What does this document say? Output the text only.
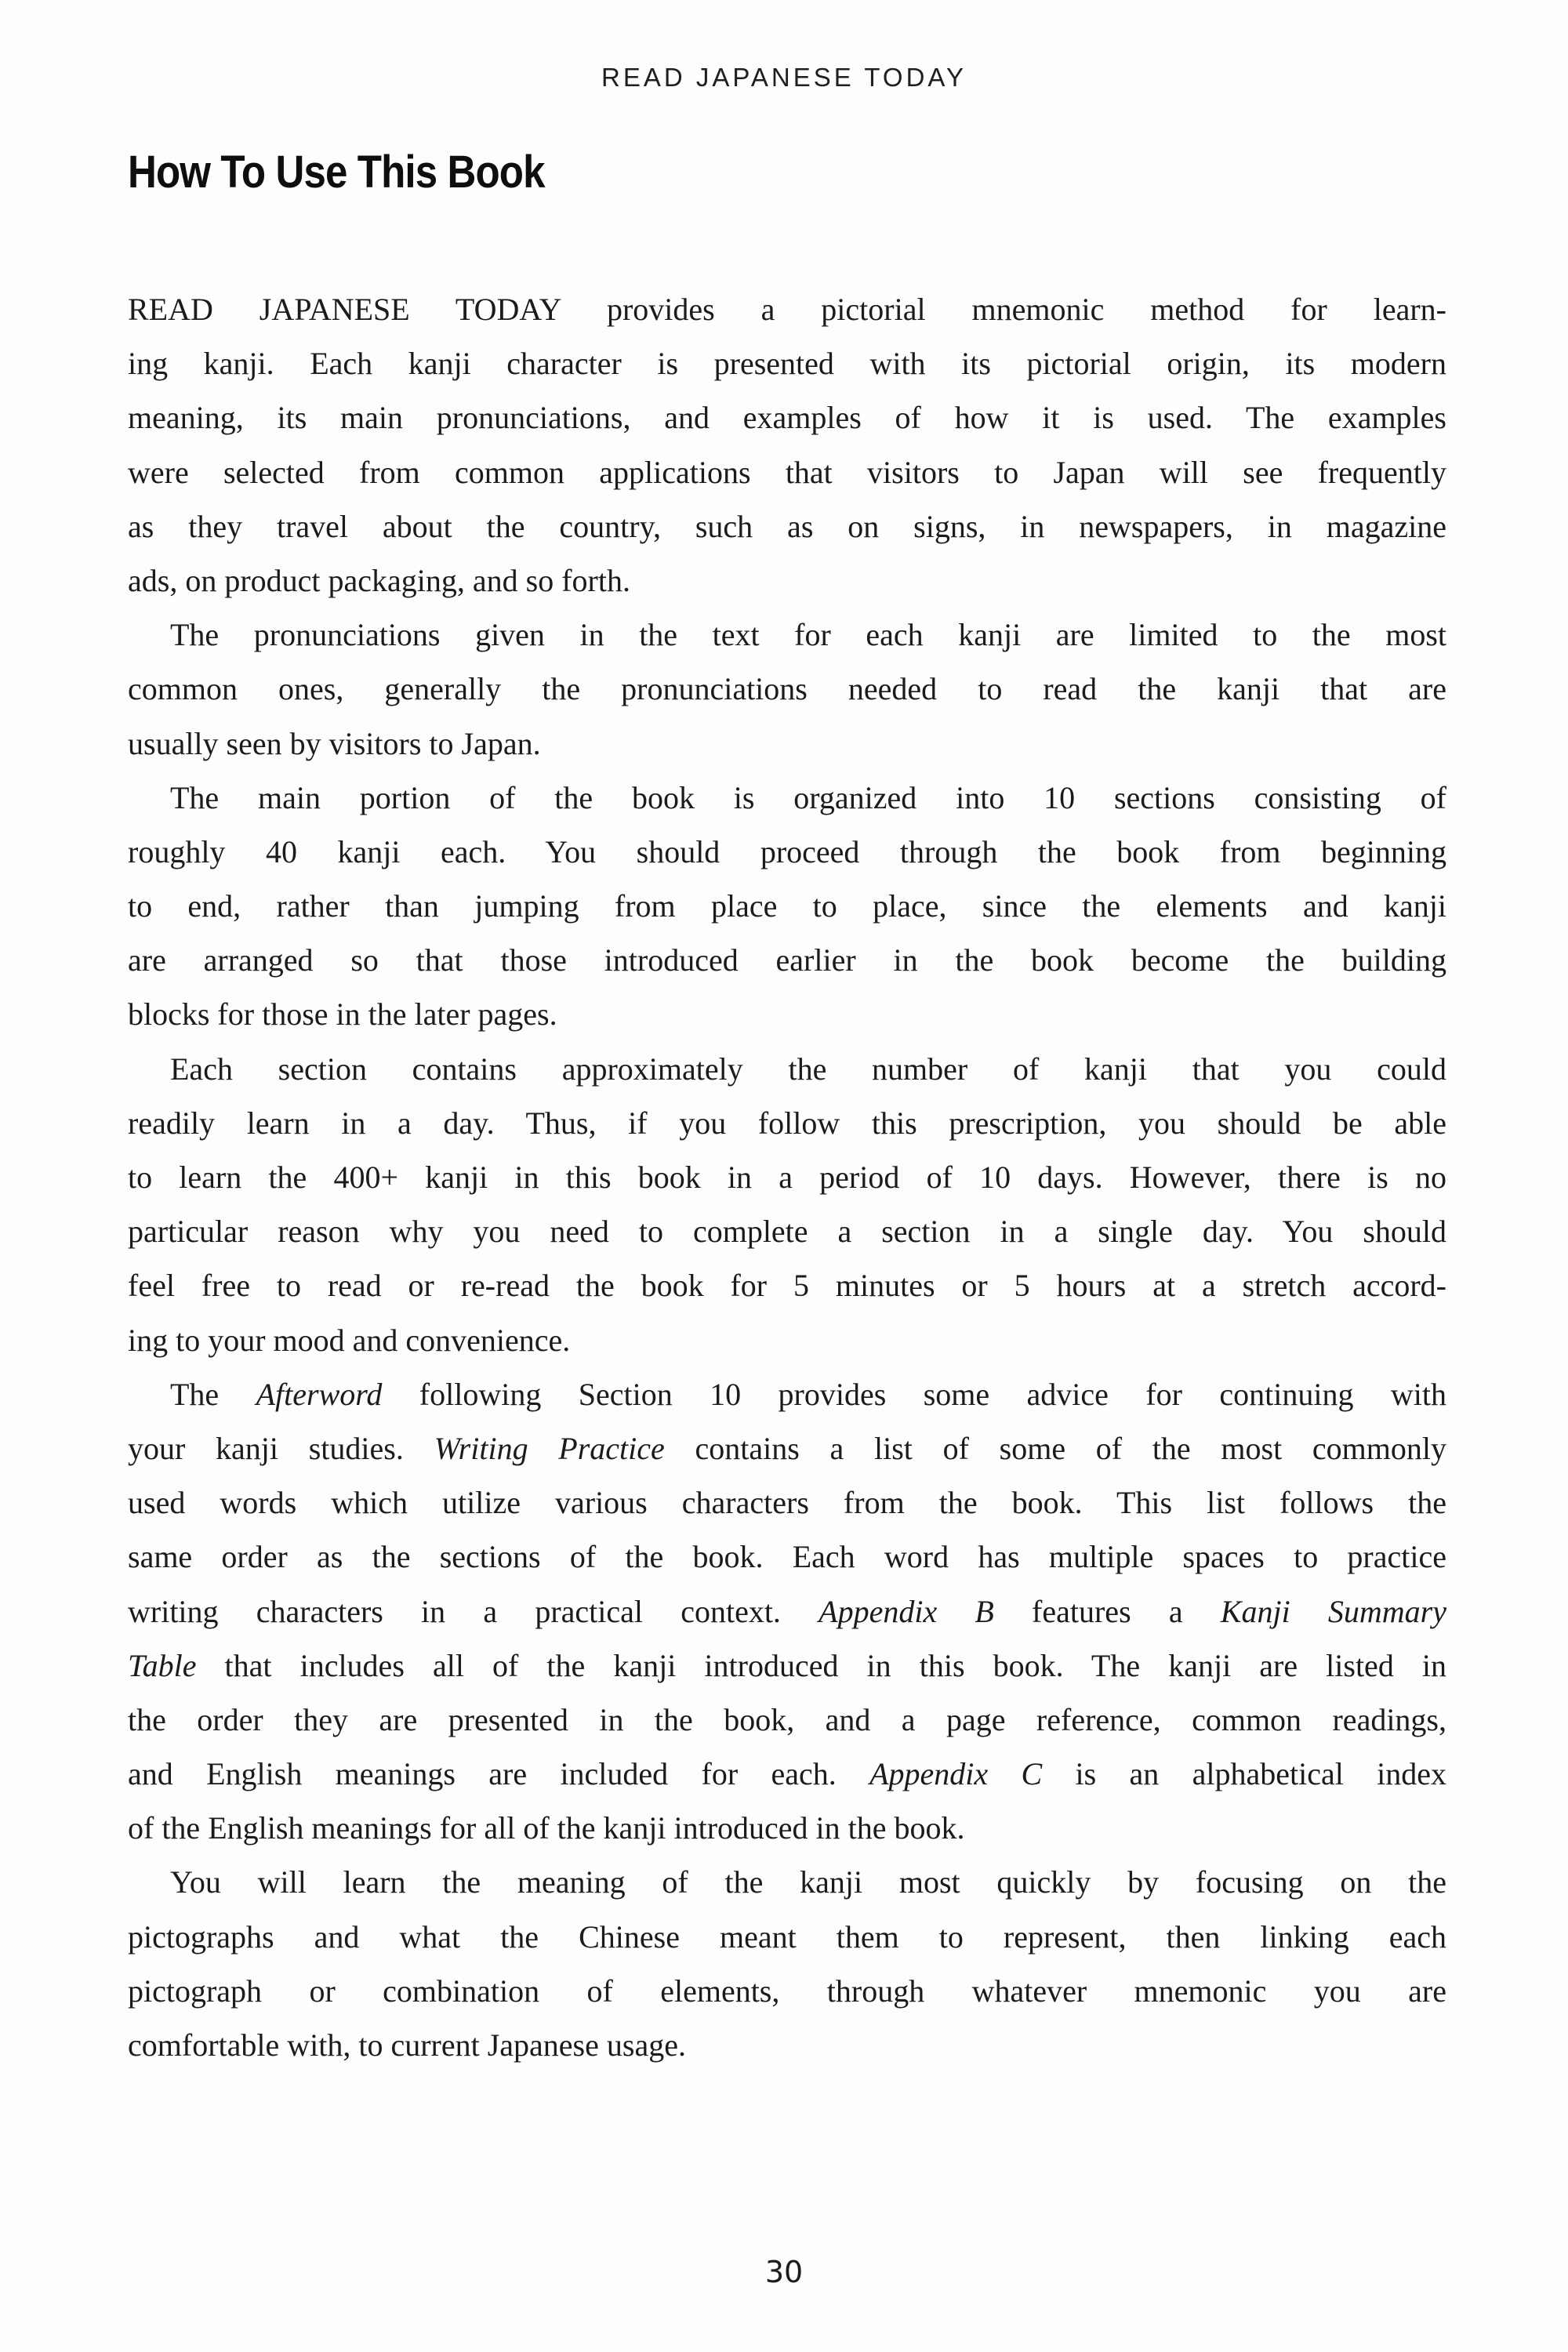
READ JAPANESE TODAY
How To Use This Book
READ JAPANESE TODAY provides a pictorial mnemonic method for learn-
ing kanji. Each kanji character is presented with its pictorial origin, its modern
meaning, its main pronunciations, and examples of how it is used. The examples
were selected from common applications that visitors to Japan will see frequently
as they travel about the country, such as on signs, in newspapers, in magazine
ads, on product packaging, and so forth.
The pronunciations given in the text for each kanji are limited to the most
common ones, generally the pronunciations needed to read the kanji that are
usually seen by visitors to Japan.
The main portion of the book is organized into 10 sections consisting of
roughly 40 kanji each. You should proceed through the book from beginning
to end, rather than jumping from place to place, since the elements and kanji
are arranged so that those introduced earlier in the book become the building
blocks for those in the later pages.
Each section contains approximately the number of kanji that you could
readily learn in a day. Thus, if you follow this prescription, you should be able
to learn the 400+ kanji in this book in a period of 10 days. However, there is no
particular reason why you need to complete a section in a single day. You should
feel free to read or re-read the book for 5 minutes or 5 hours at a stretch accord-
ing to your mood and convenience.
The Afterword following Section 10 provides some advice for continuing with
your kanji studies. Writing Practice contains a list of some of the most commonly
used words which utilize various characters from the book. This list follows the
same order as the sections of the book. Each word has multiple spaces to practice
writing characters in a practical context. Appendix B features a Kanji Summary
Table that includes all of the kanji introduced in this book. The kanji are listed in
the order they are presented in the book, and a page reference, common readings,
and English meanings are included for each. Appendix C is an alphabetical index
of the English meanings for all of the kanji introduced in the book.
You will learn the meaning of the kanji most quickly by focusing on the
pictographs and what the Chinese meant them to represent, then linking each
pictograph or combination of elements, through whatever mnemonic you are
comfortable with, to current Japanese usage.
30
